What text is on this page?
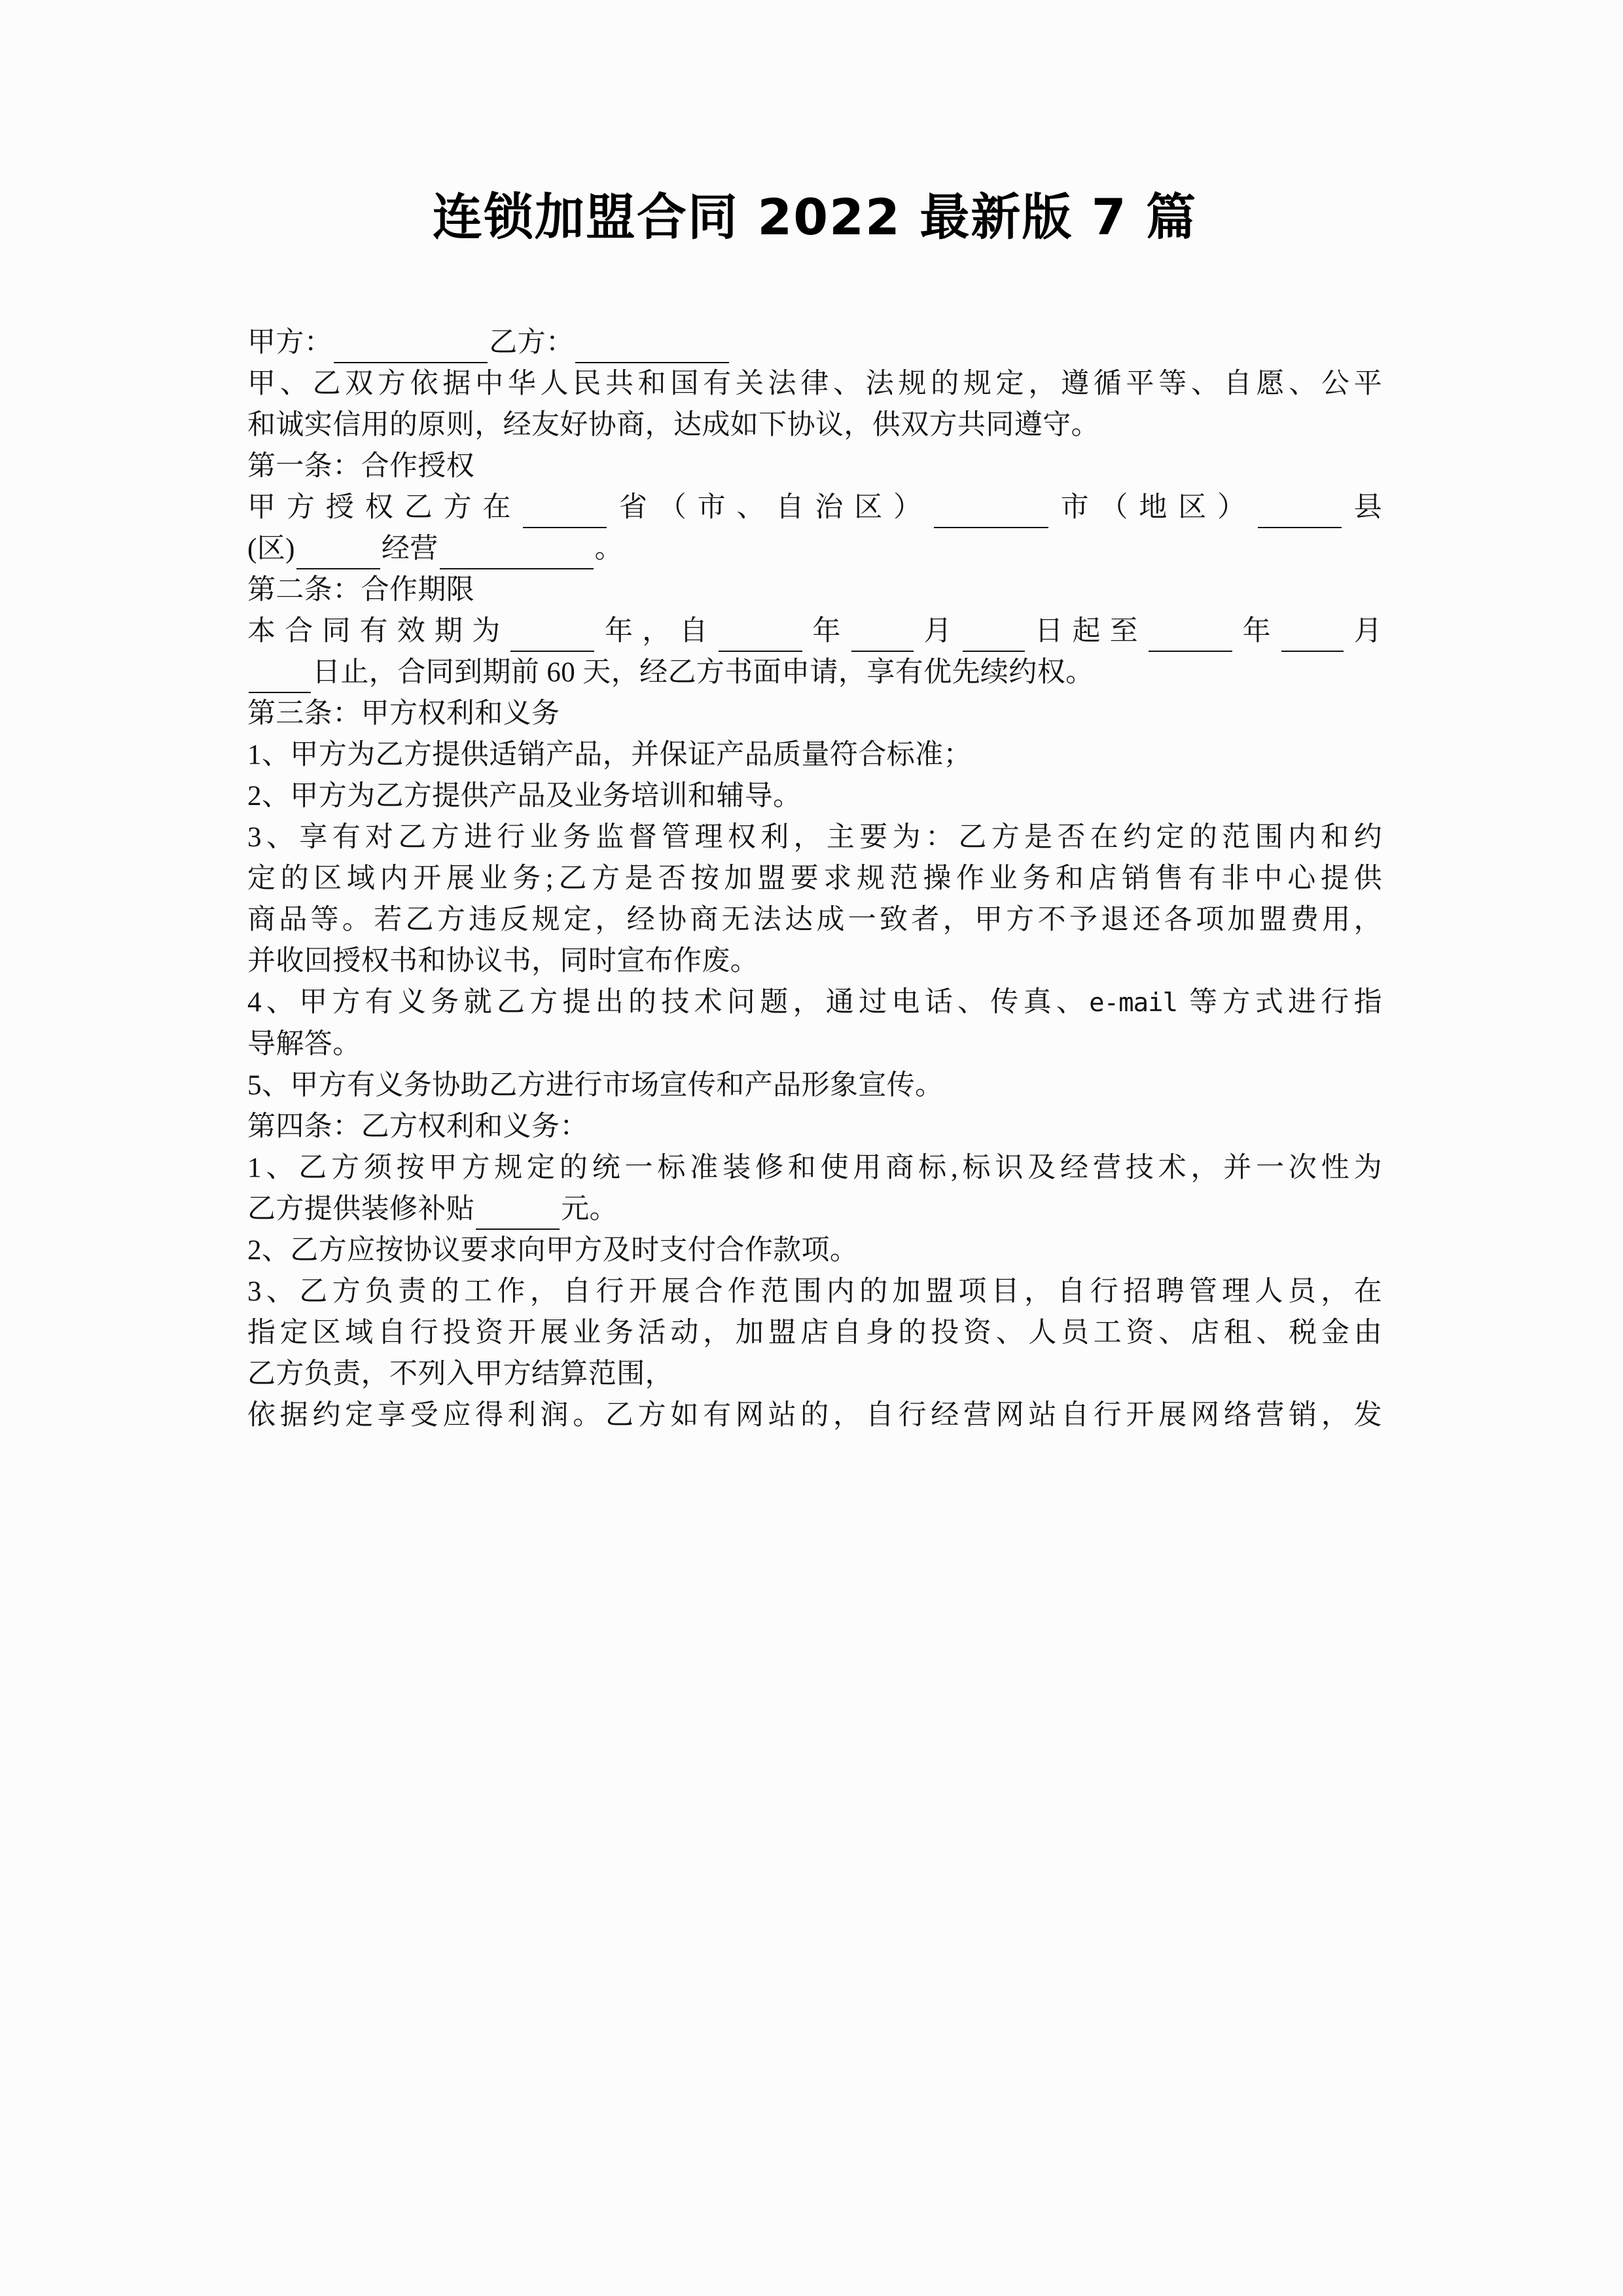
连锁加盟合同 2022 最新版 7 篇

甲方：	乙方：

甲、乙双方依据中华人民共和国有关法律、法规的规定，遵循平等、自愿、公平

和诚实信用的原则，经友好协商，达成如下协议，供双方共同遵守。

第一条：合作授权

甲方授权乙方在	省（市、自治区）	市（地区）	县

(区)	经营	。

第二条：合作期限

本合同有效期为	年，自	年 月 日起至	年 月

日止，合同到期前 60 天，经乙方书面申请，享有优先续约权。

第三条：甲方权利和义务

1、甲方为乙方提供适销产品，并保证产品质量符合标准；

2、甲方为乙方提供产品及业务培训和辅导。

3、享有对乙方进行业务监督管理权利，主要为：乙方是否在约定的范围内和约

定的区域内开展业务;乙方是否按加盟要求规范操作业务和店销售有非中心提供

商品等。若乙方违反规定，经协商无法达成一致者，甲方不予退还各项加盟费用，

并收回授权书和协议书，同时宣布作废。

4、甲方有义务就乙方提出的技术问题，通过电话、传真、e-mail 等方式进行指

导解答。

5、甲方有义务协助乙方进行市场宣传和产品形象宣传。

第四条：乙方权利和义务：

1、乙方须按甲方规定的统一标准装修和使用商标,标识及经营技术，并一次性为

乙方提供装修补贴	元。

2、乙方应按协议要求向甲方及时支付合作款项。

3、乙方负责的工作，自行开展合作范围内的加盟项目，自行招聘管理人员，在

指定区域自行投资开展业务活动，加盟店自身的投资、人员工资、店租、税金由

乙方负责，不列入甲方结算范围，

依据约定享受应得利润。乙方如有网站的，自行经营网站自行开展网络营销，发
